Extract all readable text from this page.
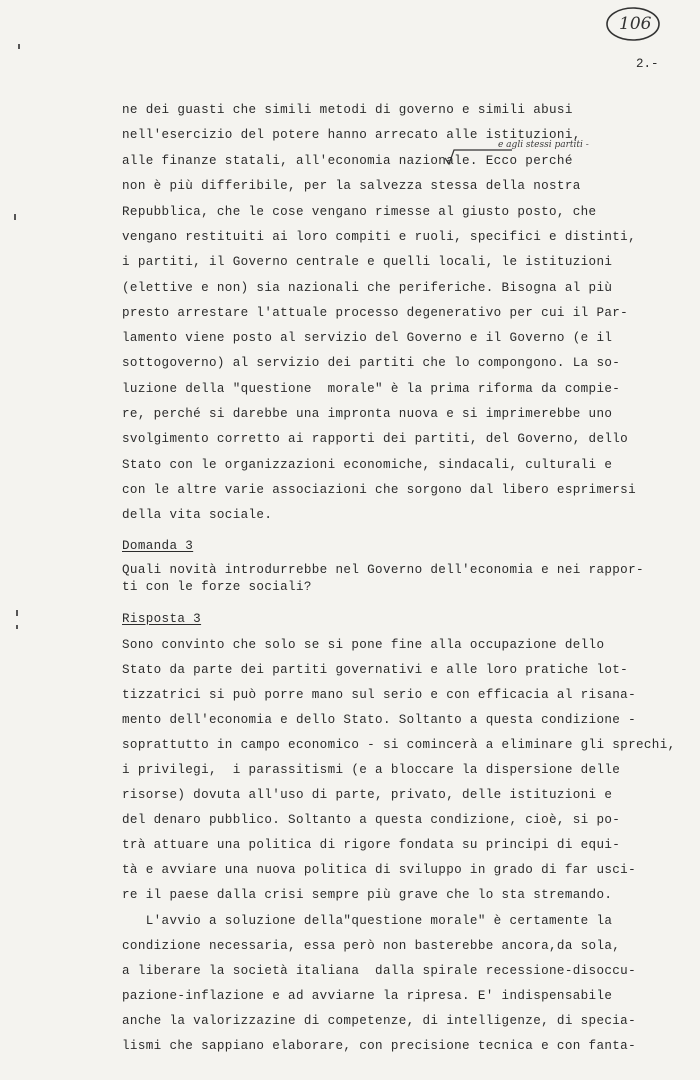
106
2.-
e agli stessi partiti -
ne dei guasti che simili metodi di governo e simili abusi
nell'esercizio del potere hanno arrecato alle istituzioni,
alle finanze statali, all'economia nazionale. Ecco perché
non è più differibile, per la salvezza stessa della nostra
Repubblica, che le cose vengano rimesse al giusto posto, che
vengano restituiti ai loro compiti e ruoli, specifici e distinti,
i partiti, il Governo centrale e quelli locali, le istituzioni
(elettive e non) sia nazionali che periferiche. Bisogna al più
presto arrestare l'attuale processo degenerativo per cui il Par-
lamento viene posto al servizio del Governo e il Governo (e il
sottogoverno) al servizio dei partiti che lo compongono. La so-
luzione della "questione  morale" è la prima riforma da compie-
re, perché si darebbe una impronta nuova e si imprimerebbe uno
svolgimento corretto ai rapporti dei partiti, del Governo, dello
Stato con le organizzazioni economiche, sindacali, culturali e
con le altre varie associazioni che sorgono dal libero esprimersi
della vita sociale.
Domanda 3
Quali novità introdurrebbe nel Governo dell'economia e nei rappor-
ti con le forze sociali?
Risposta 3
Sono convinto che solo se si pone fine alla occupazione dello
Stato da parte dei partiti governativi e alle loro pratiche lot-
tizzatrici si può porre mano sul serio e con efficacia al risana-
mento dell'economia e dello Stato. Soltanto a questa condizione -
soprattutto in campo economico - si comincerà a eliminare gli sprechi,
i privilegi,  i parassitismi (e a bloccare la dispersione delle
risorse) dovuta all'uso di parte, privato, delle istituzioni e
del denaro pubblico. Soltanto a questa condizione, cioè, si po-
trà attuare una politica di rigore fondata su principi di equi-
tà e avviare una nuova politica di sviluppo in grado di far usci-
re il paese dalla crisi sempre più grave che lo sta stremando.
L'avvio a soluzione della"questione morale" è certamente la
condizione necessaria, essa però non basterebbe ancora,da sola,
a liberare la società italiana  dalla spirale recessione-disoccu-
pazione-inflazione e ad avviarne la ripresa. E' indispensabile
anche la valorizzazine di competenze, di intelligenze, di specia-
lismi che sappiano elaborare, con precisione tecnica e con fanta-
